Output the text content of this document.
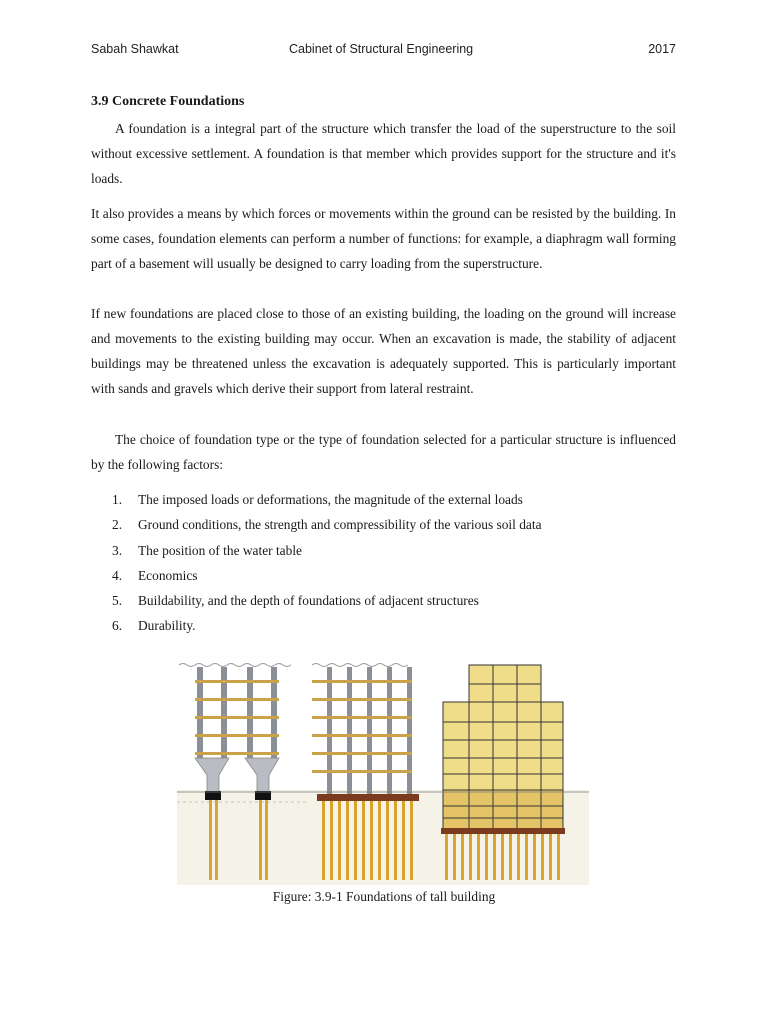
Sabah Shawkat	Cabinet of Structural Engineering	2017
3.9 Concrete Foundations

A foundation is a integral part of the structure which transfer the load of the superstructure to the soil without excessive settlement. A foundation is that member which provides support for the structure and it's loads.

It also provides a means by which forces or movements within the ground can be resisted by the building. In some cases, foundation elements can perform a number of functions: for example, a diaphragm wall forming part of a basement will usually be designed to carry loading from the superstructure.

If new foundations are placed close to those of an existing building, the loading on the ground will increase and movements to the existing building may occur. When an excavation is made, the stability of adjacent buildings may be threatened unless the excavation is adequately supported. This is particularly important with sands and gravels which derive their support from lateral restraint.

The choice of foundation type or the type of foundation selected for a particular structure is influenced by the following factors:

1. The imposed loads or deformations, the magnitude of the external loads
2. Ground conditions, the strength and compressibility of the various soil data
3. The position of the water table
4. Economics
5. Buildability, and the depth of foundations of adjacent structures
6. Durability.
Figure: 3.9-1 Foundations of tall building
